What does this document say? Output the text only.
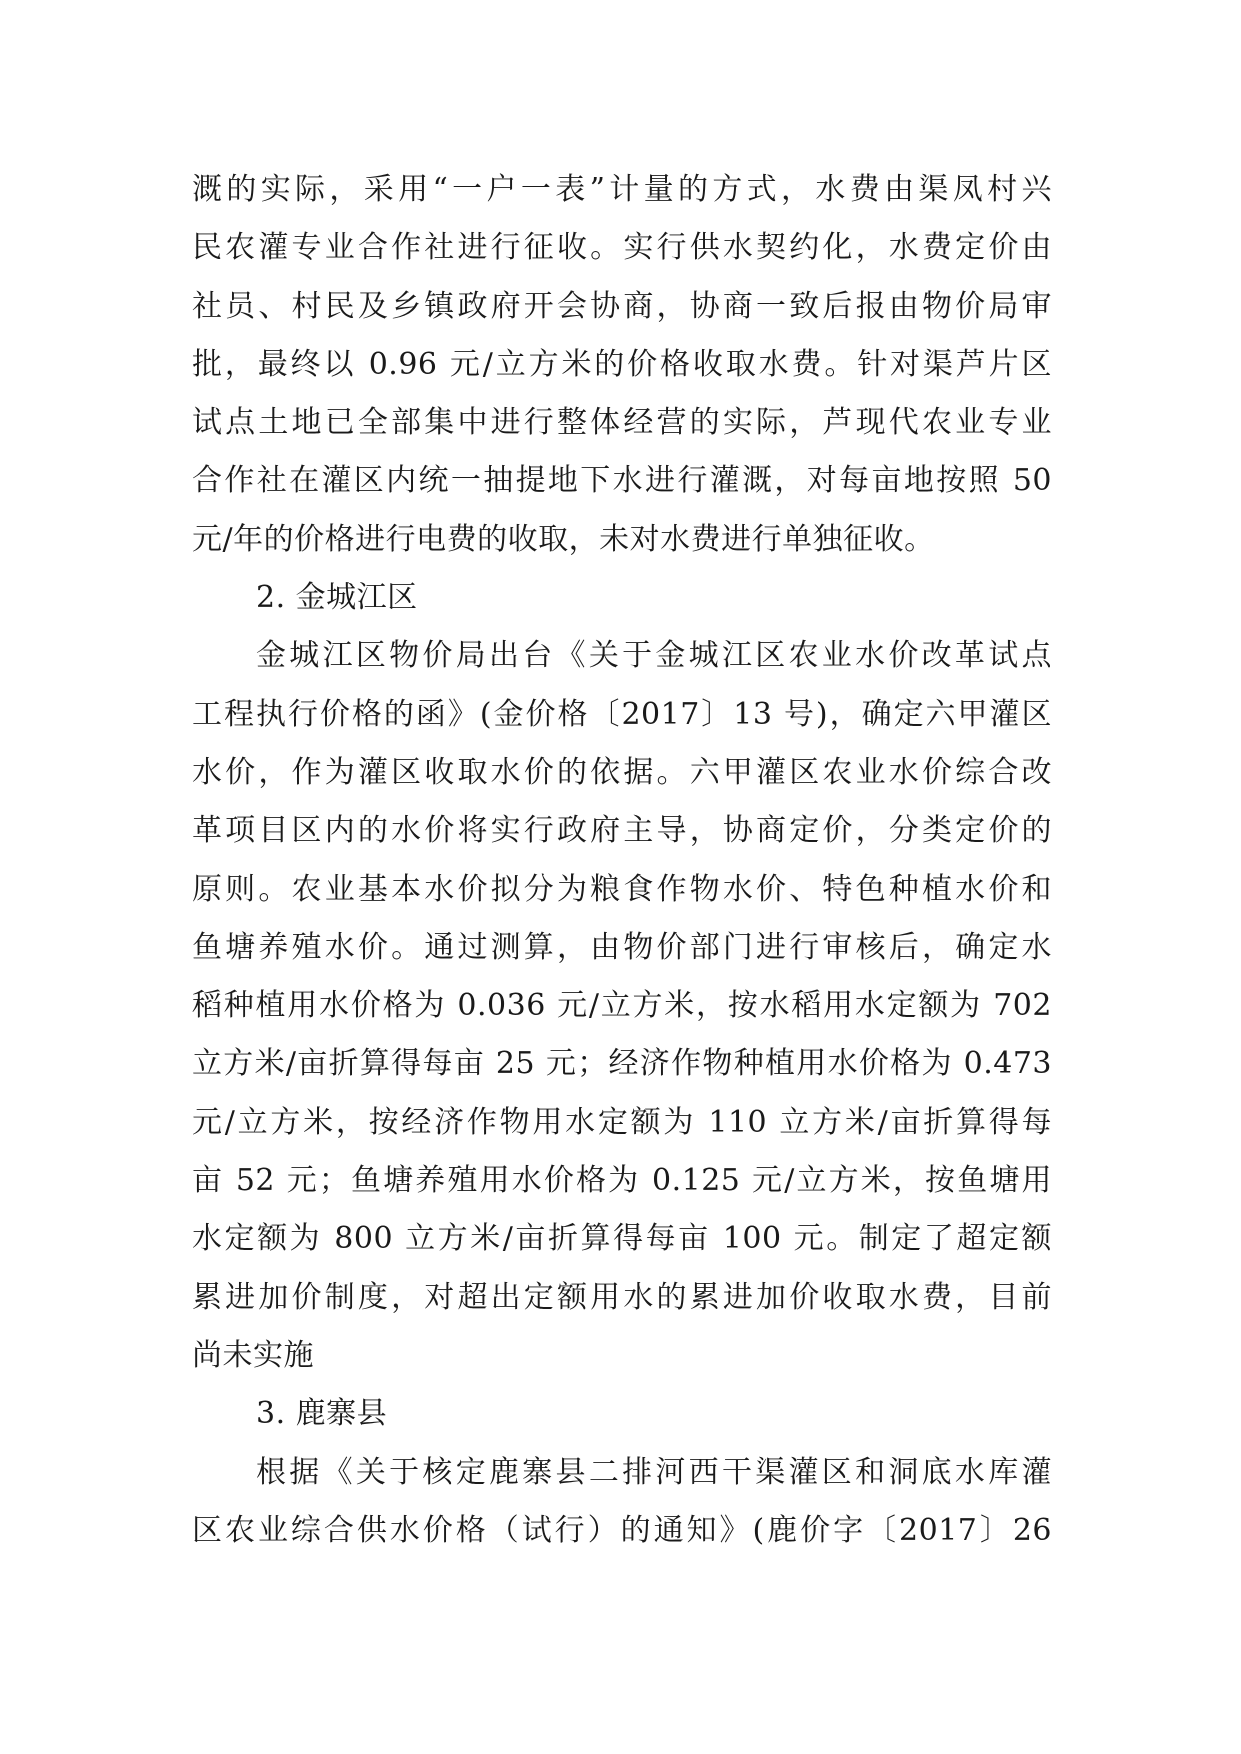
溉的实际，采用“一户一表”计量的方式，水费由渠凤村兴
民农灌专业合作社进行征收。实行供水契约化，水费定价由
社员、村民及乡镇政府开会协商，协商一致后报由物价局审
批，最终以 0.96 元/立方米的价格收取水费。针对渠芦片区
试点土地已全部集中进行整体经营的实际，芦现代农业专业
合作社在灌区内统一抽提地下水进行灌溉，对每亩地按照 50
元/年的价格进行电费的收取，未对水费进行单独征收。
2. 金城江区
金城江区物价局出台《关于金城江区农业水价改革试点
工程执行价格的函》(金价格〔2017〕13 号)，确定六甲灌区
水价，作为灌区收取水价的依据。六甲灌区农业水价综合改
革项目区内的水价将实行政府主导，协商定价，分类定价的
原则。农业基本水价拟分为粮食作物水价、特色种植水价和
鱼塘养殖水价。通过测算，由物价部门进行审核后，确定水
稻种植用水价格为 0.036 元/立方米，按水稻用水定额为 702
立方米/亩折算得每亩 25 元；经济作物种植用水价格为 0.473
元/立方米，按经济作物用水定额为 110 立方米/亩折算得每
亩 52 元；鱼塘养殖用水价格为 0.125 元/立方米，按鱼塘用
水定额为 800 立方米/亩折算得每亩 100 元。制定了超定额
累进加价制度，对超出定额用水的累进加价收取水费，目前
尚未实施
3. 鹿寨县
根据《关于核定鹿寨县二排河西干渠灌区和洞底水库灌
区农业综合供水价格（试行）的通知》(鹿价字〔2017〕26
